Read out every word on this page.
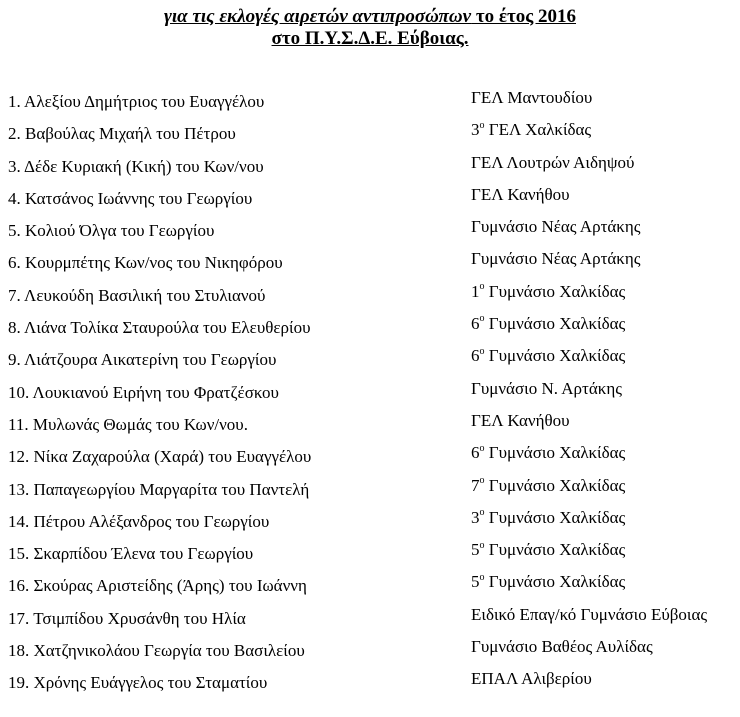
για τις εκλογές αιρετών αντιπροσώπων το έτος 2016
στο Π.Υ.Σ.Δ.Ε. Εύβοιας.
1. Αλεξίου Δημήτριος του Ευαγγέλου	ΓΕΛ Μαντουδίου
2. Βαβούλας Μιχαήλ του Πέτρου	$3^o$ ΓΕΛ Χαλκίδας
3. Δέδε Κυριακή (Κική) του Κων/νου	ΓΕΛ Λουτρών Αιδηψού
4. Κατσάνος Ιωάννης του Γεωργίου	ΓΕΛ Κανήθου
5. Κολιού Όλγα του Γεωργίου	Γυμνάσιο Νέας Αρτάκης
6. Κουρμπέτης Κων/νος του Νικηφόρου	Γυμνάσιο Νέας Αρτάκης
7. Λευκούδη Βασιλική του Στυλιανού	$1^o$ Γυμνάσιο Χαλκίδας
8. Λιάνα Τολίκα Σταυρούλα του Ελευθερίου	$6^o$ Γυμνάσιο Χαλκίδας
9. Λιάτζουρα Αικατερίνη του Γεωργίου	$6^o$ Γυμνάσιο Χαλκίδας
10. Λουκιανού Ειρήνη του Φρατζέσκου	Γυμνάσιο Ν. Αρτάκης
11. Μυλωνάς Θωμάς του Κων/νου.	ΓΕΛ Κανήθου
12. Νίκα Ζαχαρούλα (Χαρά) του Ευαγγέλου	$6^o$ Γυμνάσιο Χαλκίδας
13. Παπαγεωργίου Μαργαρίτα του Παντελή	$7^o$ Γυμνάσιο Χαλκίδας
14. Πέτρου Αλέξανδρος του Γεωργίου	$3^o$ Γυμνάσιο Χαλκίδας
15. Σκαρπίδου Έλενα του Γεωργίου	$5^o$ Γυμνάσιο Χαλκίδας
16. Σκούρας Αριστείδης (Άρης) του Ιωάννη	$5^o$ Γυμνάσιο Χαλκίδας
17. Τσιμπίδου Χρυσάνθη του Ηλία	Ειδικό Επαγ/κό Γυμνάσιο Εύβοιας
18. Χατζηνικολάου Γεωργία του Βασιλείου	Γυμνάσιο Βαθέος Αυλίδας
19. Χρόνης Ευάγγελος του Σταματίου	ΕΠΑΛ Αλιβερίου
